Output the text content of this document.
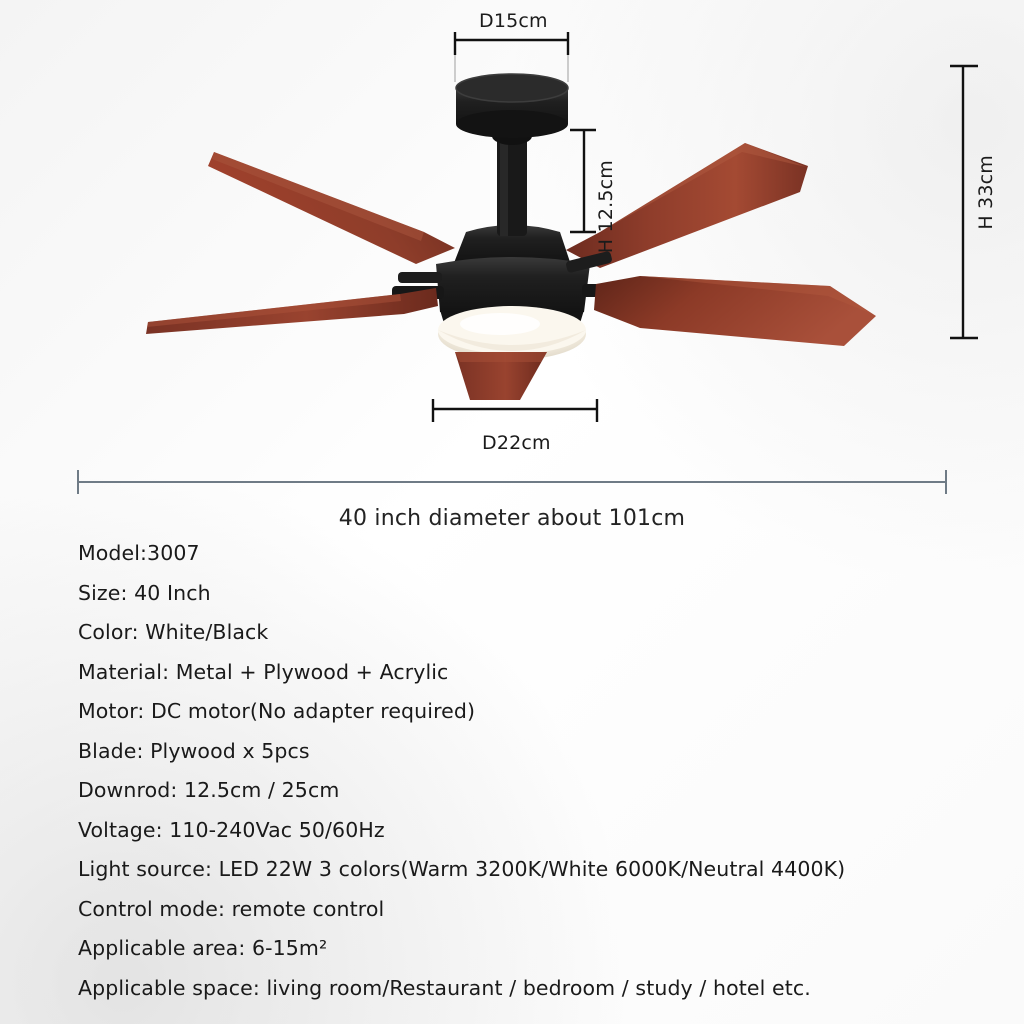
D15cm
H 12.5cm	H 33cm
D22cm
40 inch diameter about 101cm
Model:3007
Size: 40 Inch
Color: White/Black
Material: Metal + Plywood + Acrylic
Motor: DC motor(No adapter required)
Blade: Plywood x 5pcs
Downrod: 12.5cm / 25cm
Voltage: 110-240Vac 50/60Hz
Light source: LED 22W 3 colors(Warm 3200K/White 6000K/Neutral 4400K)
Control mode: remote control
Applicable area: 6-15m²
Applicable space: living room/Restaurant / bedroom / study / hotel etc.
